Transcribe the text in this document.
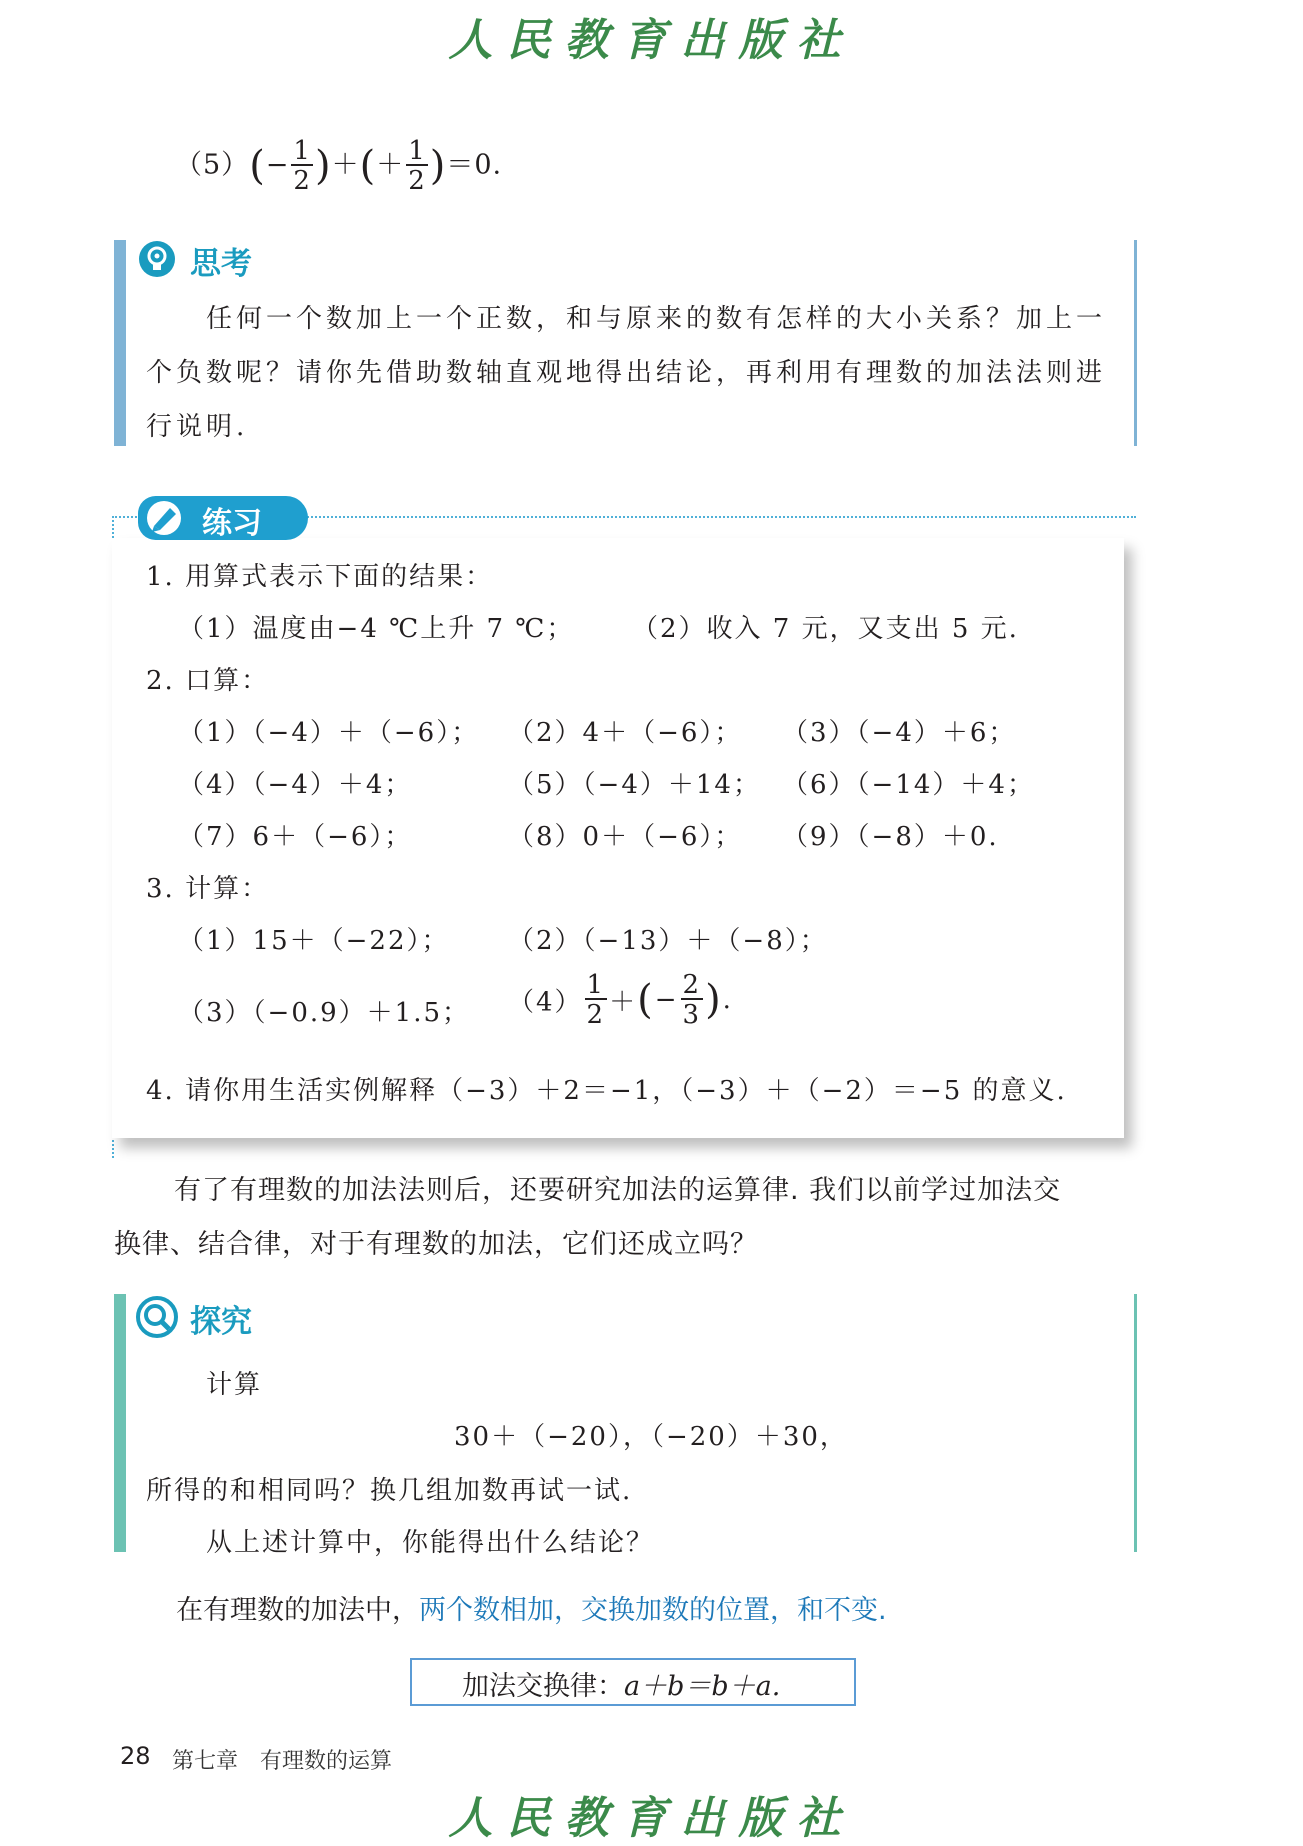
人民教育出版社
$(5)(- \frac{1}{2}$ )＋(＋ $\frac{1}{2} )=0$.
思考
任何一个数加上一个正数，和与原来的数有怎样的大小关系？加上一
个负数呢？请你先借助数轴直观地得出结论，再利用有理数的加法法则进
行说明.
练习
1. 用算式表示下面的结果：
（1）温度由−4 ℃上升 7 ℃； （2）收入 7 元，又支出 5 元.
2. 口算：
（1）（−4）＋（−6）； （2）4＋（−6）； （3）（−4）＋6；
（4）（−4）＋4；	（5）（−4）＋14； （6）（−14）＋4；
（7）6＋（−6）；	（8）0＋（−6）； （9）（−8）＋0.
3. 计算：
（1）15＋（−22）； （2）（−13）＋（−8）；
（3）（−0.9）＋1.5； $(4) \frac{1}{2}$ ＋(− $\frac{2}{3}$ ).
4. 请你用生活实例解释（−3）＋2＝−1，（−3）＋（−2）＝−5 的意义.
有了有理数的加法法则后，还要研究加法的运算律. 我们以前学过加法交
换律、结合律，对于有理数的加法，它们还成立吗？
探究
计算
30＋（−20），（−20）＋30，
所得的和相同吗？换几组加数再试一试.
从上述计算中，你能得出什么结论？
在有理数的加法中，两个数相加，交换加数的位置，和不变.
加法交换律：a＋b＝b＋a.
28 第七章　有理数的运算
人民教育出版社
